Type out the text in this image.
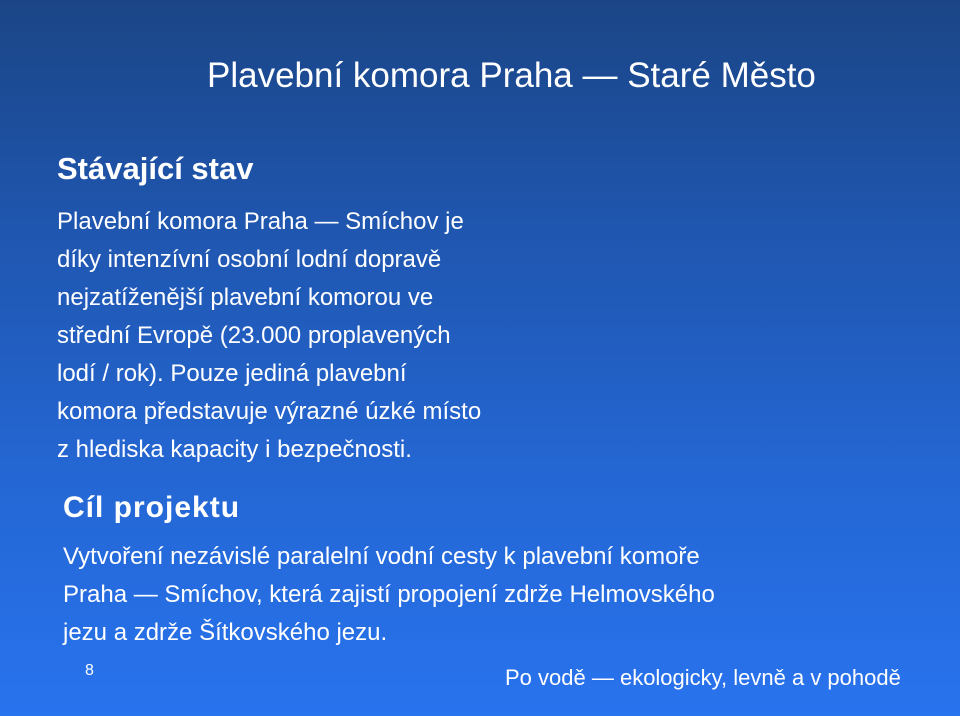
Plavební komora Praha — Staré Město
Stávající stav
Plavební komora Praha — Smíchov je
díky intenzívní osobní lodní dopravě
nejzatíženější plavební komorou ve
střední Evropě (23.000 proplavených
lodí / rok). Pouze jediná plavební
komora představuje výrazné úzké místo
z hlediska kapacity i bezpečnosti.
Cíl projektu
Vytvoření nezávislé paralelní vodní cesty k plavební komoře
Praha — Smíchov, která zajistí propojení zdrže Helmovského
jezu a zdrže Šítkovského jezu.
8	Po vodě — ekologicky, levně a v pohodě
